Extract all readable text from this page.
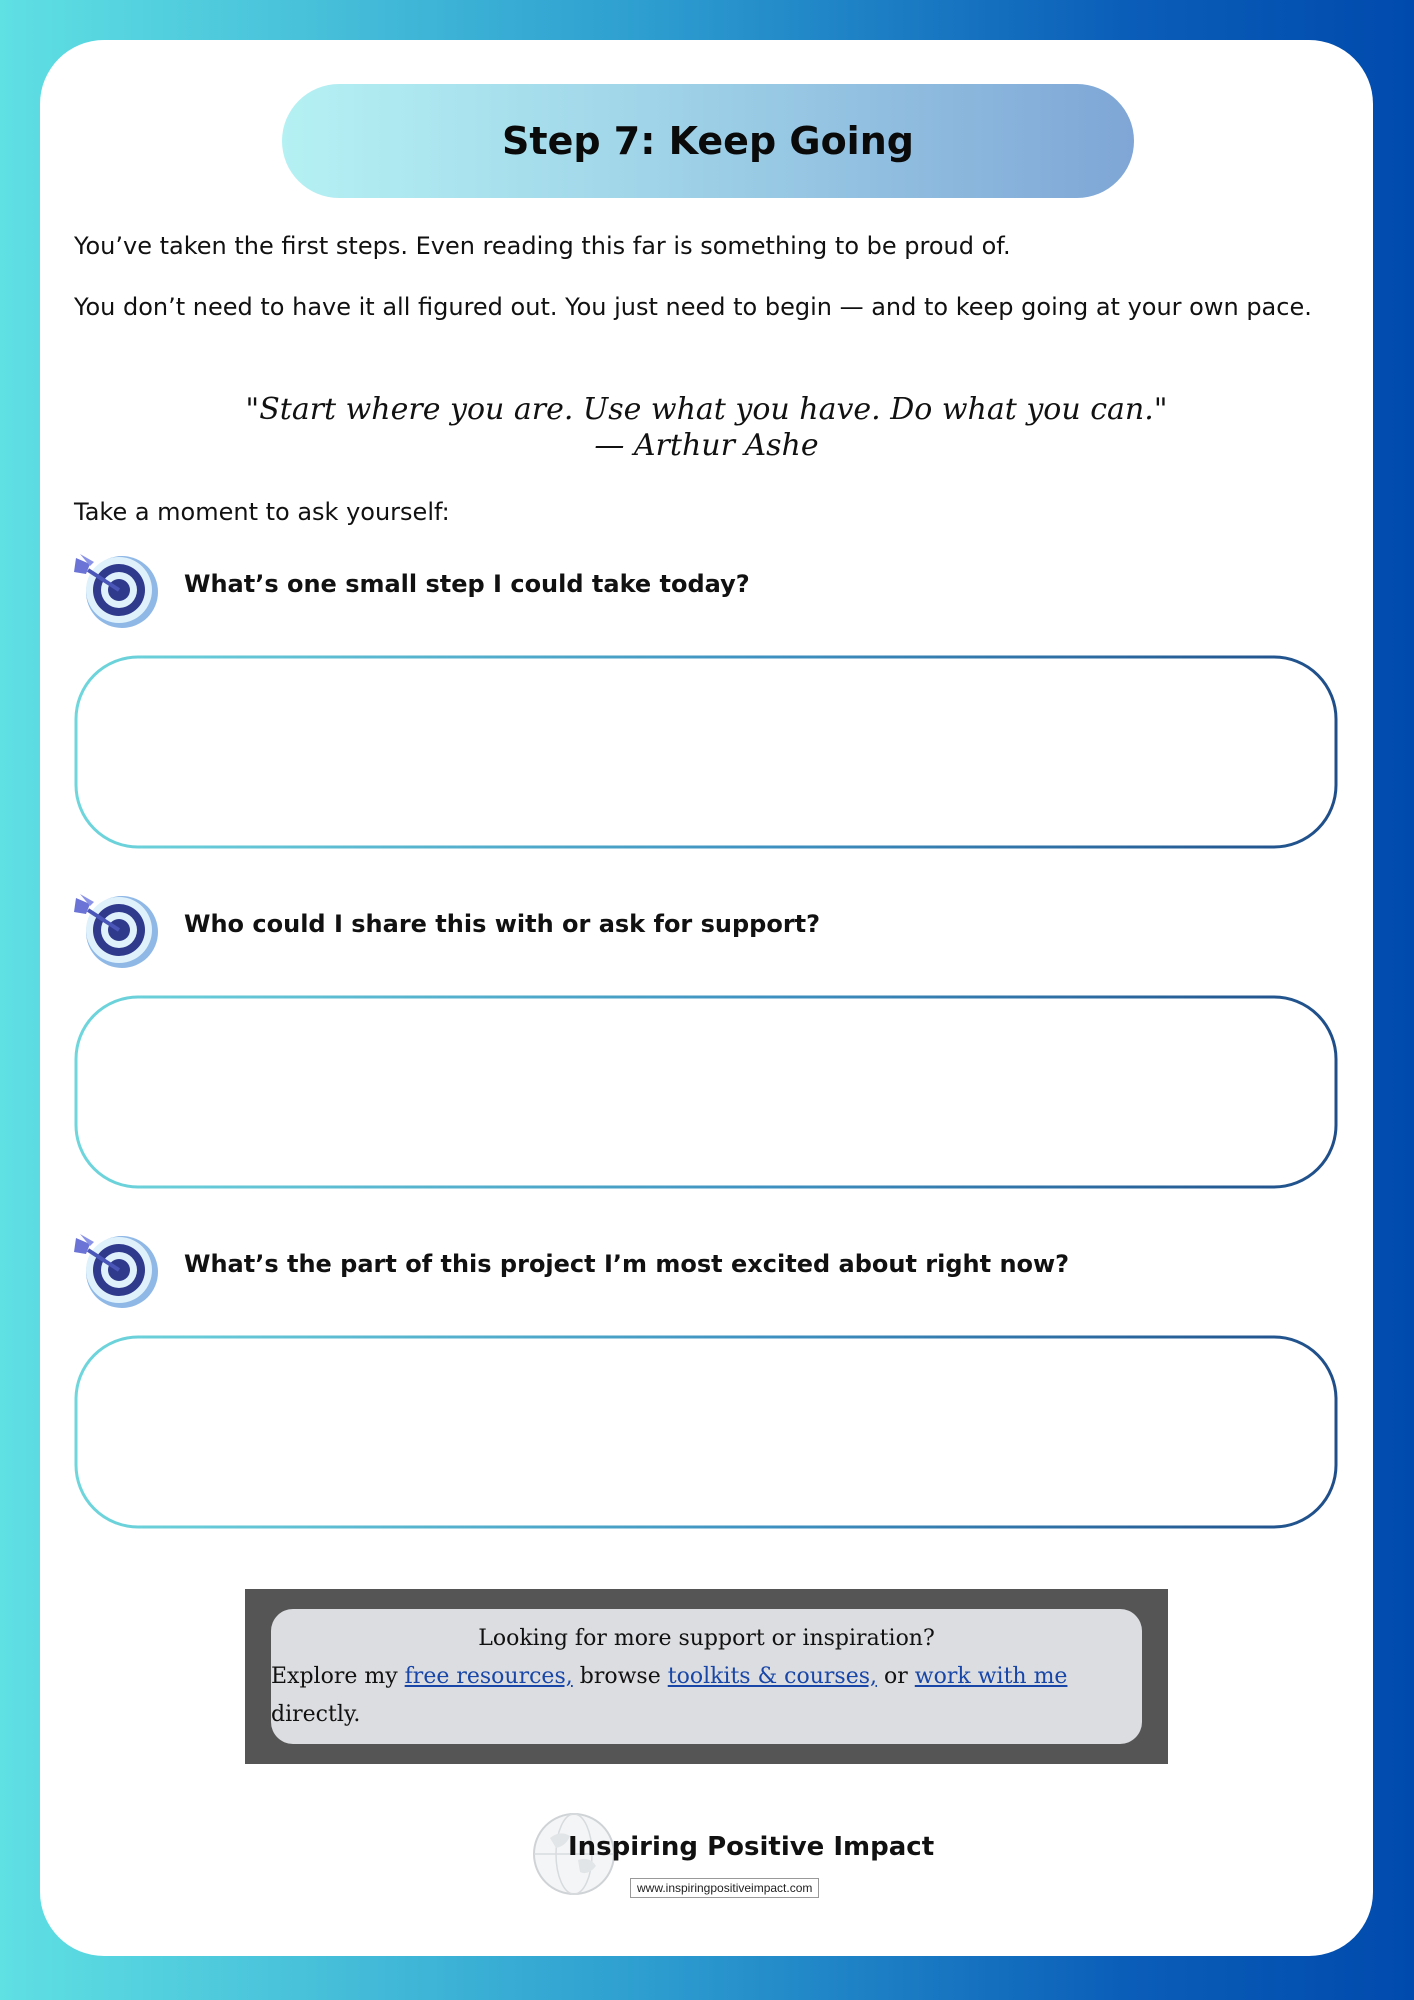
Step 7: Keep Going

You’ve taken the first steps. Even reading this far is something to be proud of.

You don’t need to have it all figured out. You just need to begin — and to keep going at your own pace.

"Start where you are. Use what you have. Do what you can."
— Arthur Ashe

Take a moment to ask yourself:

What’s one small step I could take today?
Who could I share this with or ask for support?
What’s the part of this project I’m most excited about right now?
Looking for more support or inspiration?
Explore my free resources, browse toolkits & courses, or work with me directly.
Inspiring Positive Impact
www.inspiringpositiveimpact.com
